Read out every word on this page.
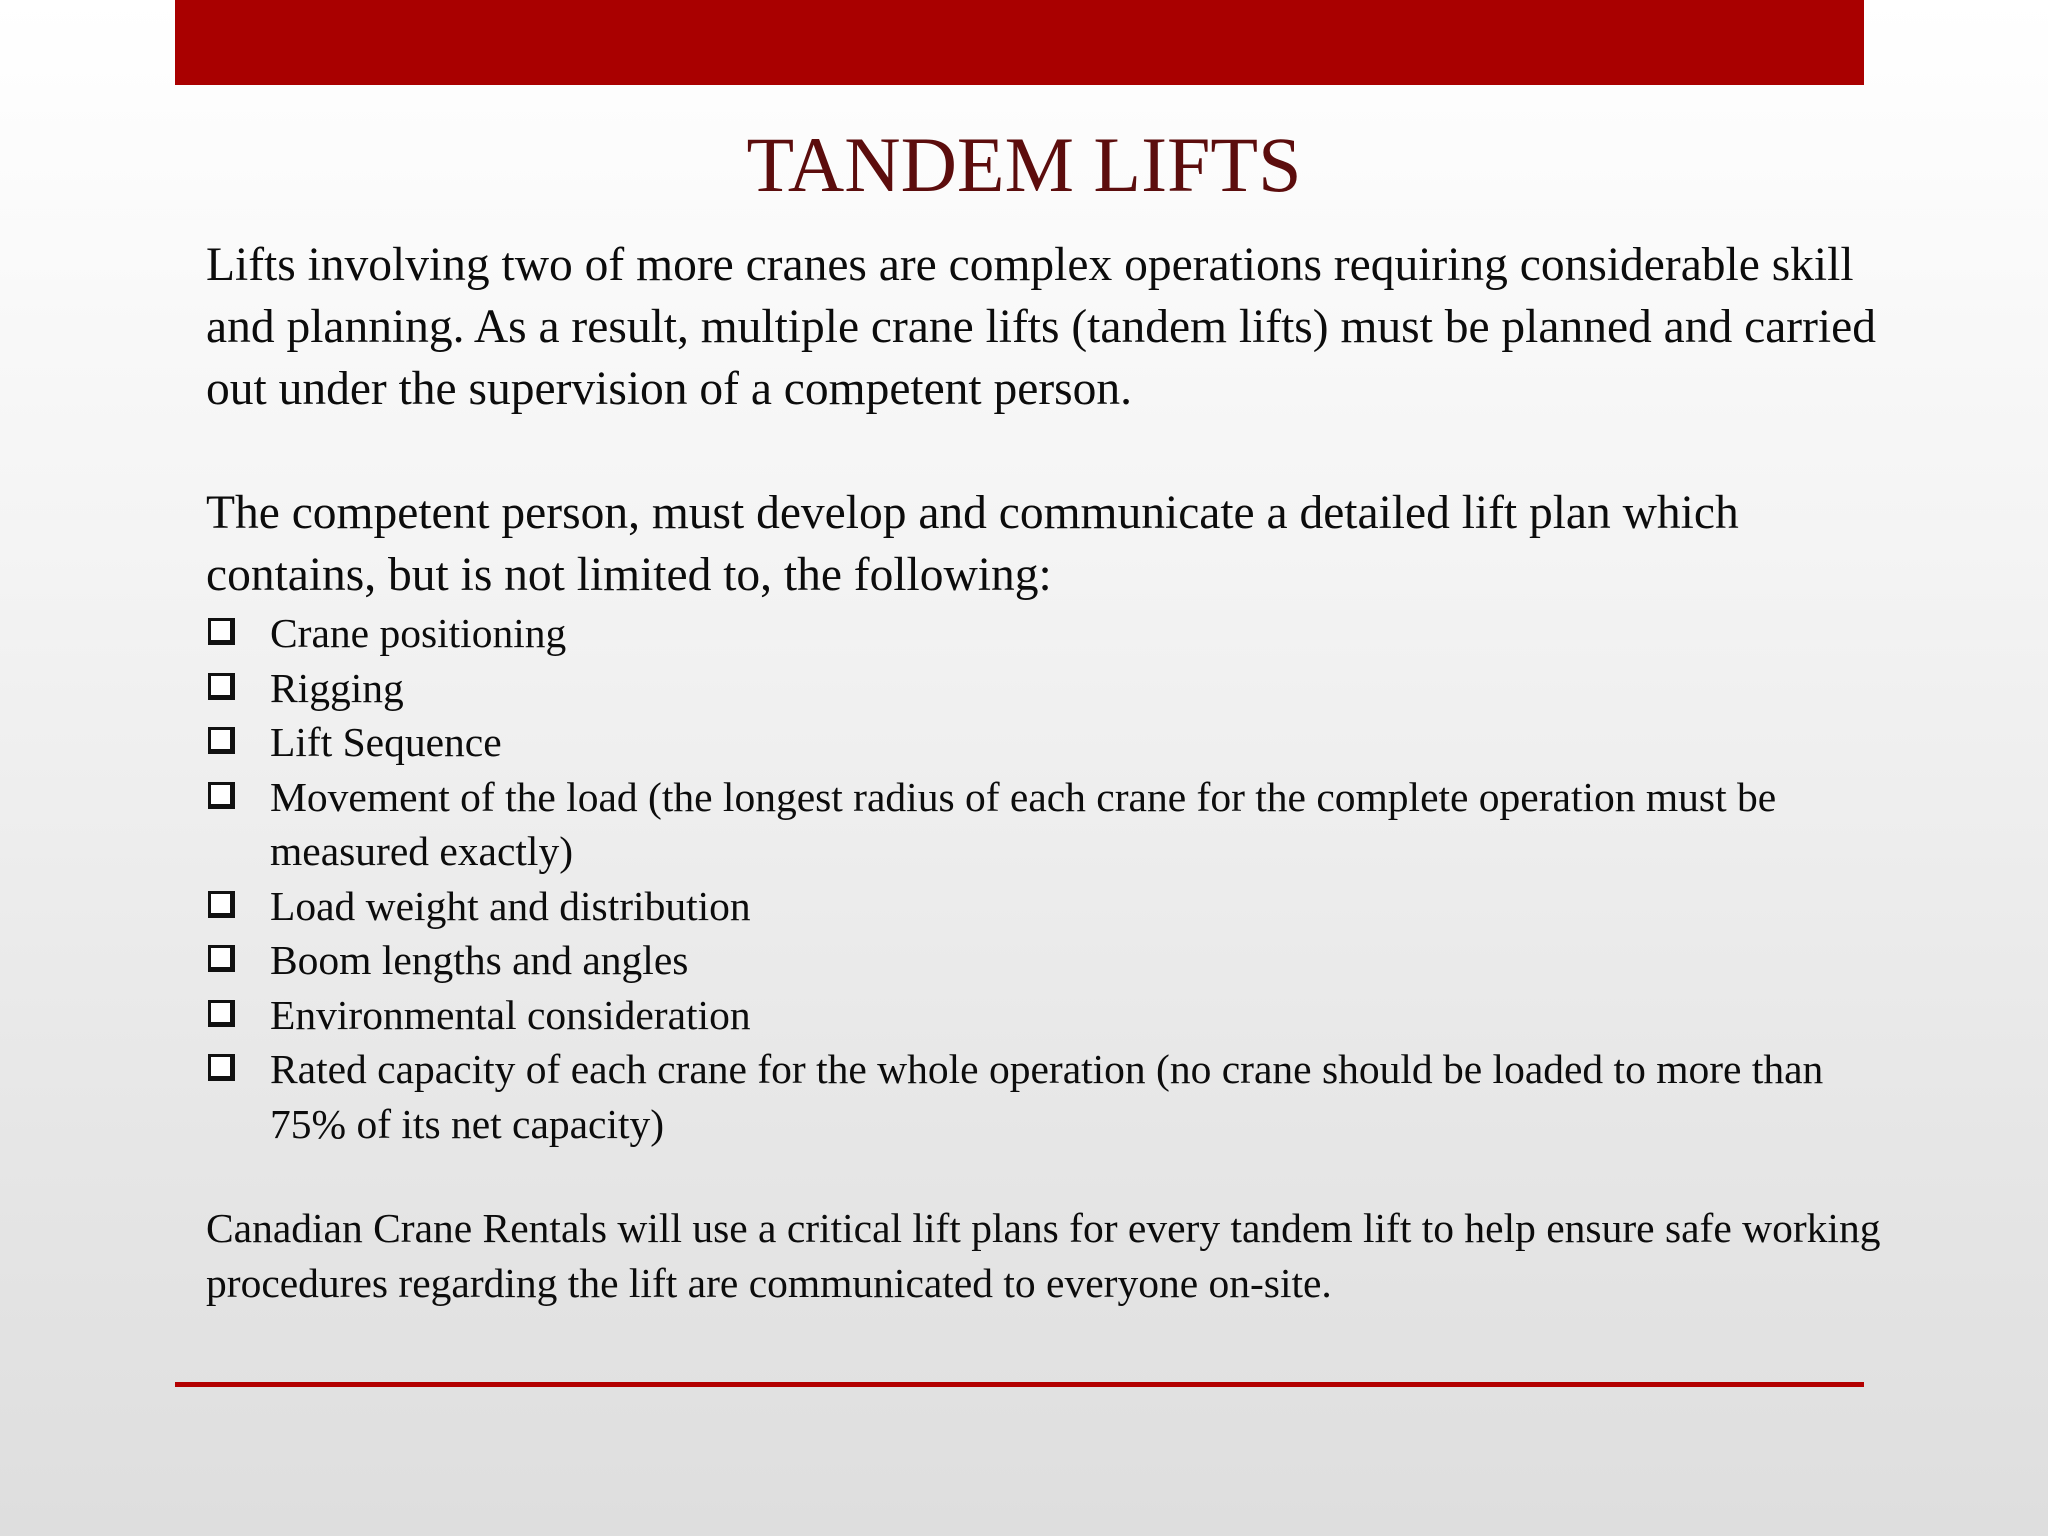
TANDEM LIFTS

Lifts involving two of more cranes are complex operations requiring considerable skill and planning. As a result, multiple crane lifts (tandem lifts) must be planned and carried out under the supervision of a competent person.

The competent person, must develop and communicate a detailed lift plan which contains, but is not limited to, the following:

Crane positioning
Rigging
Lift Sequence
Movement of the load (the longest radius of each crane for the complete operation must be measured exactly)
Load weight and distribution
Boom lengths and angles
Environmental consideration
Rated capacity of each crane for the whole operation (no crane should be loaded to more than 75% of its net capacity)

Canadian Crane Rentals will use a critical lift plans for every tandem lift to help ensure safe working procedures regarding the lift are communicated to everyone on-site.
